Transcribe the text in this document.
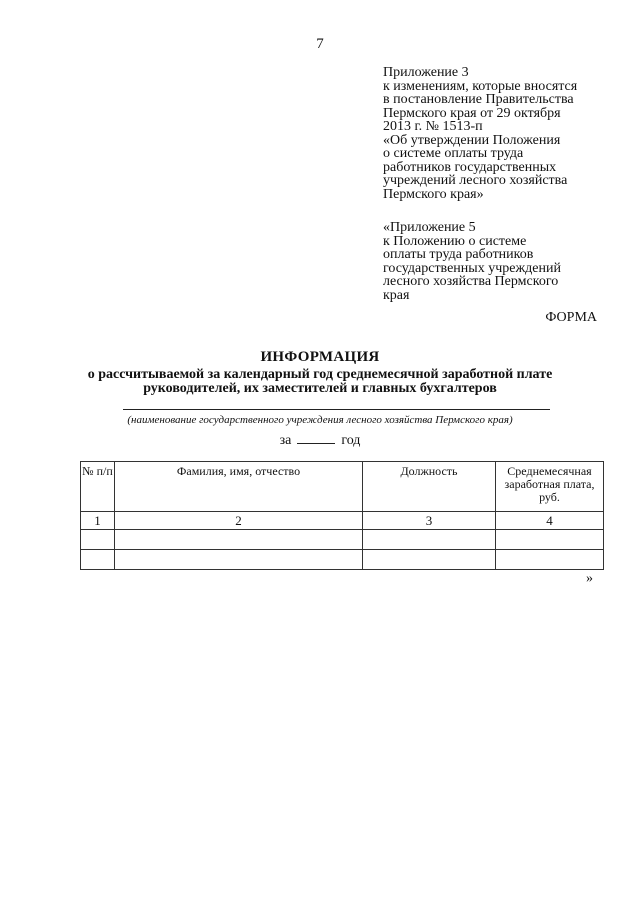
7
Приложение 3
к изменениям, которые вносятся
в постановление Правительства
Пермского края от 29 октября
2013 г. № 1513-п
«Об утверждении Положения
о системе оплаты труда
работников государственных
учреждений лесного хозяйства
Пермского края»
«Приложение 5
к Положению о системе
оплаты труда работников
государственных учреждений
лесного хозяйства Пермского
края
ФОРМА
ИНФОРМАЦИЯ
о рассчитываемой за календарный год среднемесячной заработной плате
руководителей, их заместителей и главных бухгалтеров
(наименование государственного учреждения лесного хозяйства Пермского края)
за	год
№ п/п	Фамилия, имя, отчество	Должность	Среднемесячная заработная плата, руб.
1	2	3	4

»
